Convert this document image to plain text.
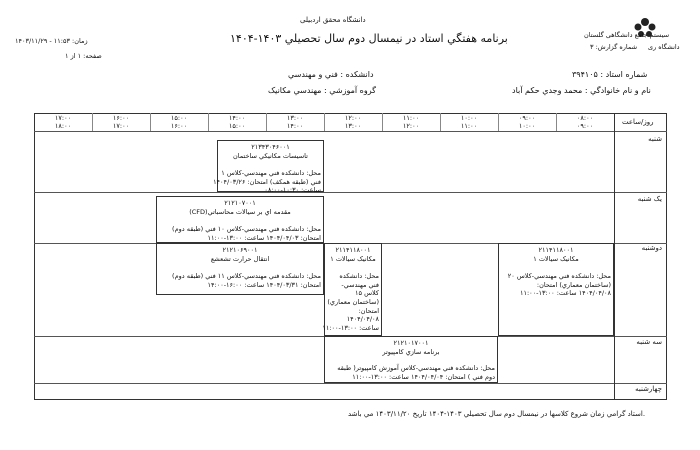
دانشگاه محقق اردبیلی
برنامه هفتگي استاد در نيمسال دوم سال تحصيلي ۱۴۰۳-۱۴۰۴	سیستم جامع دانشگاهی گلستان
شماره گزارش: ۳ دانشگاه ری
زمان: ۱۱:۵۳ - ۱۴۰۳/۱۱/۲۹
صفحه: ۱ از ۱
شماره استاد : ۳۹۴۱۰۵
نام و نام خانوادگي : محمد وجدي حکم آباد
دانشکده : فني و مهندسي
گروه آموزشي : مهندسي مکانيک
روز/ساعت
۰۸:۰۰
۰۹:۰۰
۰۹:۰۰
۱۰:۰۰
۱۰:۰۰
۱۱:۰۰
۱۱:۰۰
۱۲:۰۰
۱۲:۰۰
۱۳:۰۰
۱۳:۰۰
۱۴:۰۰
۱۴:۰۰
۱۵:۰۰
۱۵:۰۰
۱۶:۰۰
۱۶:۰۰
۱۷:۰۰
۱۷:۰۰
۱۸:۰۰
شنبه
يک شنبه
دوشنبه
سه شنبه
چهارشنبه
۲۱۳۴۳۰۴۶۰۰۱
تاسيسات مکانيکي ساختمان
محل: دانشکده فني مهندسي-کلاس ۱
فني (طبقه همکف) امتحان: ۱۴۰۴/۰۳/۲۶
ساعت: ۱۰:۳۰-۰۸:۰۰
۲۱۲۱۰۷۰۰۱
مقدمه اي بر سيالات محاسباتي(CFD)
محل: دانشکده فني مهندسي-کلاس ۱۰ فني (طبقه دوم)
امتحان: ۱۴۰۴/۰۴/۰۳ ساعت: ۱۳:۰۰-۱۱:۰۰
۲۱۲۱۰۶۹۰۰۱
انتقال حرارت تشعشع
محل: دانشکده فني مهندسي-کلاس ۱۱ فني (طبقه دوم)
امتحان: ۱۴۰۴/۰۳/۳۱ ساعت: ۱۶:۰۰-۱۴:۰۰
۲۱۱۴۱۱۸۰۰۱
مکانيک سيالات ۱
محل: دانشکده فني مهندسي-کلاس ۱۵ (ساختمان معماري) امتحان:
۱۴۰۴/۰۴/۰۸
ساعت: ۱۳:۰۰-۱۱:۰۰
۲۱۱۴۱۱۸۰۰۱
مکانيک سيالات ۱
محل: دانشکده فني مهندسي-کلاس ۲۰ (ساختمان معماري) امتحان:
۱۴۰۴/۰۴/۰۸ ساعت: ۱۳:۰۰-۱۱:۰۰
۲۱۲۱۰۱۷۰۰۱
برنامه سازي کامپيوتر
محل: دانشکده فني مهندسي-کلاس آموزش کامپيوتر( طبقه
دوم فني ) امتحان: ۱۴۰۴/۰۴/۰۴ ساعت: ۱۳:۰۰-۱۱:۰۰
استاد گرامي زمان شروع کلاسها در نيمسال دوم سال تحصيلي ۱۴۰۳-۱۴۰۴ تاريخ ۱۴۰۳/۱۱/۲۰ مي باشد.
